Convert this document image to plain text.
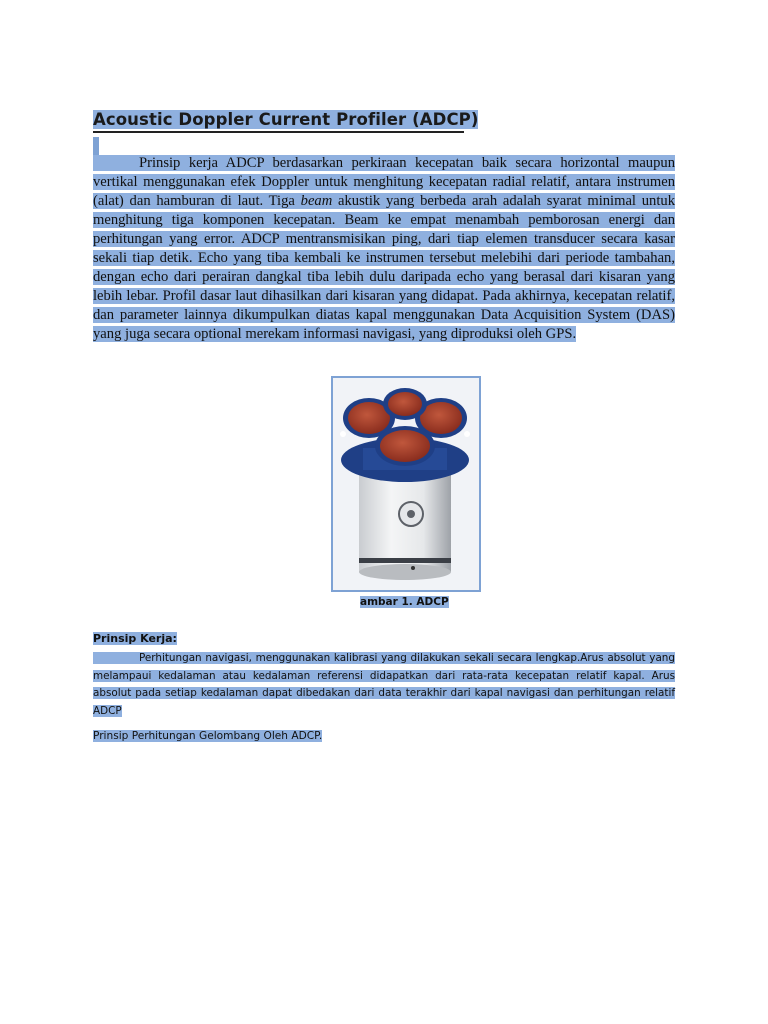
Acoustic Doppler Current Profiler (ADCP)
Prinsip kerja ADCP berdasarkan perkiraan kecepatan baik secara horizontal maupun vertikal menggunakan efek Doppler untuk menghitung kecepatan radial relatif, antara instrumen (alat) dan hamburan di laut. Tiga beam akustik yang berbeda arah adalah syarat minimal untuk menghitung tiga komponen kecepatan. Beam ke empat menambah pemborosan energi dan perhitungan yang error. ADCP mentransmisikan ping, dari tiap elemen transducer secara kasar sekali tiap detik. Echo yang tiba kembali ke instrumen tersebut melebihi dari periode tambahan, dengan echo dari perairan dangkal tiba lebih dulu daripada echo yang berasal dari kisaran yang lebih lebar. Profil dasar laut dihasilkan dari kisaran yang didapat. Pada akhirnya, kecepatan relatif, dan parameter lainnya dikumpulkan diatas kapal menggunakan Data Acquisition System (DAS) yang juga secara optional merekam informasi navigasi, yang diproduksi oleh GPS.
ambar 1. ADCP
Prinsip Kerja:
Perhitungan navigasi, menggunakan kalibrasi yang dilakukan sekali secara lengkap.Arus absolut yang melampaui kedalaman atau kedalaman referensi didapatkan dari rata-rata kecepatan relatif kapal. Arus absolut pada setiap kedalaman dapat dibedakan dari data terakhir dari kapal navigasi dan perhitungan relatif ADCP
Prinsip Perhitungan Gelombang Oleh ADCP.
